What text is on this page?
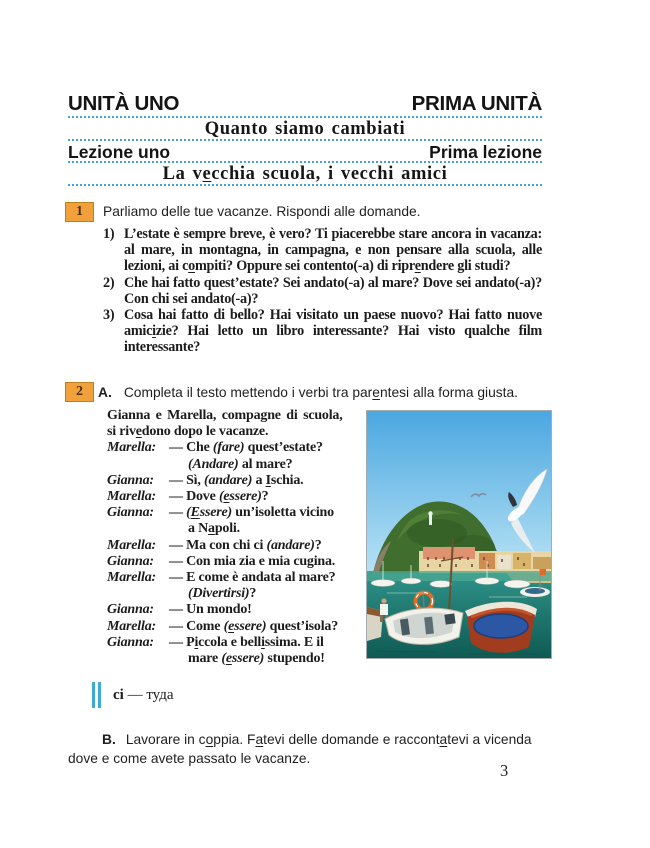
UNITÀ UNO	PRIMA UNITÀ
Quanto siamo cambiati
Lezione uno	Prima lezione
La vecchia scuola, i vecchi amici
1	Parliamo delle tue vacanze. Rispondi alle domande.
1) L’estate è sempre breve, è vero? Ti piacerebbe stare ancora in vacanza: al mare, in montagna, in campagna, e non pensare alla scuola, alle lezioni, ai compiti? Oppure sei contento(-a) di riprendere gli studi?
2) Che hai fatto quest’estate? Sei andato(-a) al mare? Dove sei andato(-a)? Con chi sei andato(-a)?
3) Cosa hai fatto di bello? Hai visitato un paese nuovo? Hai fatto nuove amicizie? Hai letto un libro interessante? Hai visto qualche film interessante?
2	A. Completa il testo mettendo i verbi tra parentesi alla forma giusta.
Gianna e Marella, compagne di scuola,
si rivedono dopo le vacanze.
Marella: — Che (fare) quest’estate?
(Andare) al mare?
Gianna:	— Sì, (andare) a Ischia.
Marella: — Dove (essere)?
Gianna:	— (Essere) un’isoletta vicino
a Napoli.
Marella: — Ma con chi ci (andare)?
Gianna:	— Con mia zia e mia cugina.
Marella: — E come è andata al mare?
(Divertirsi)?
Gianna:	— Un mondo!
Marella: — Come (essere) quest’isola?
Gianna:	— Piccola e bellissima. E il
mare (essere) stupendo!
ci — туда
B. Lavorare in coppia. Fatevi delle domande e raccontatevi a vicenda dove e come avete passato le vacanze.
3
